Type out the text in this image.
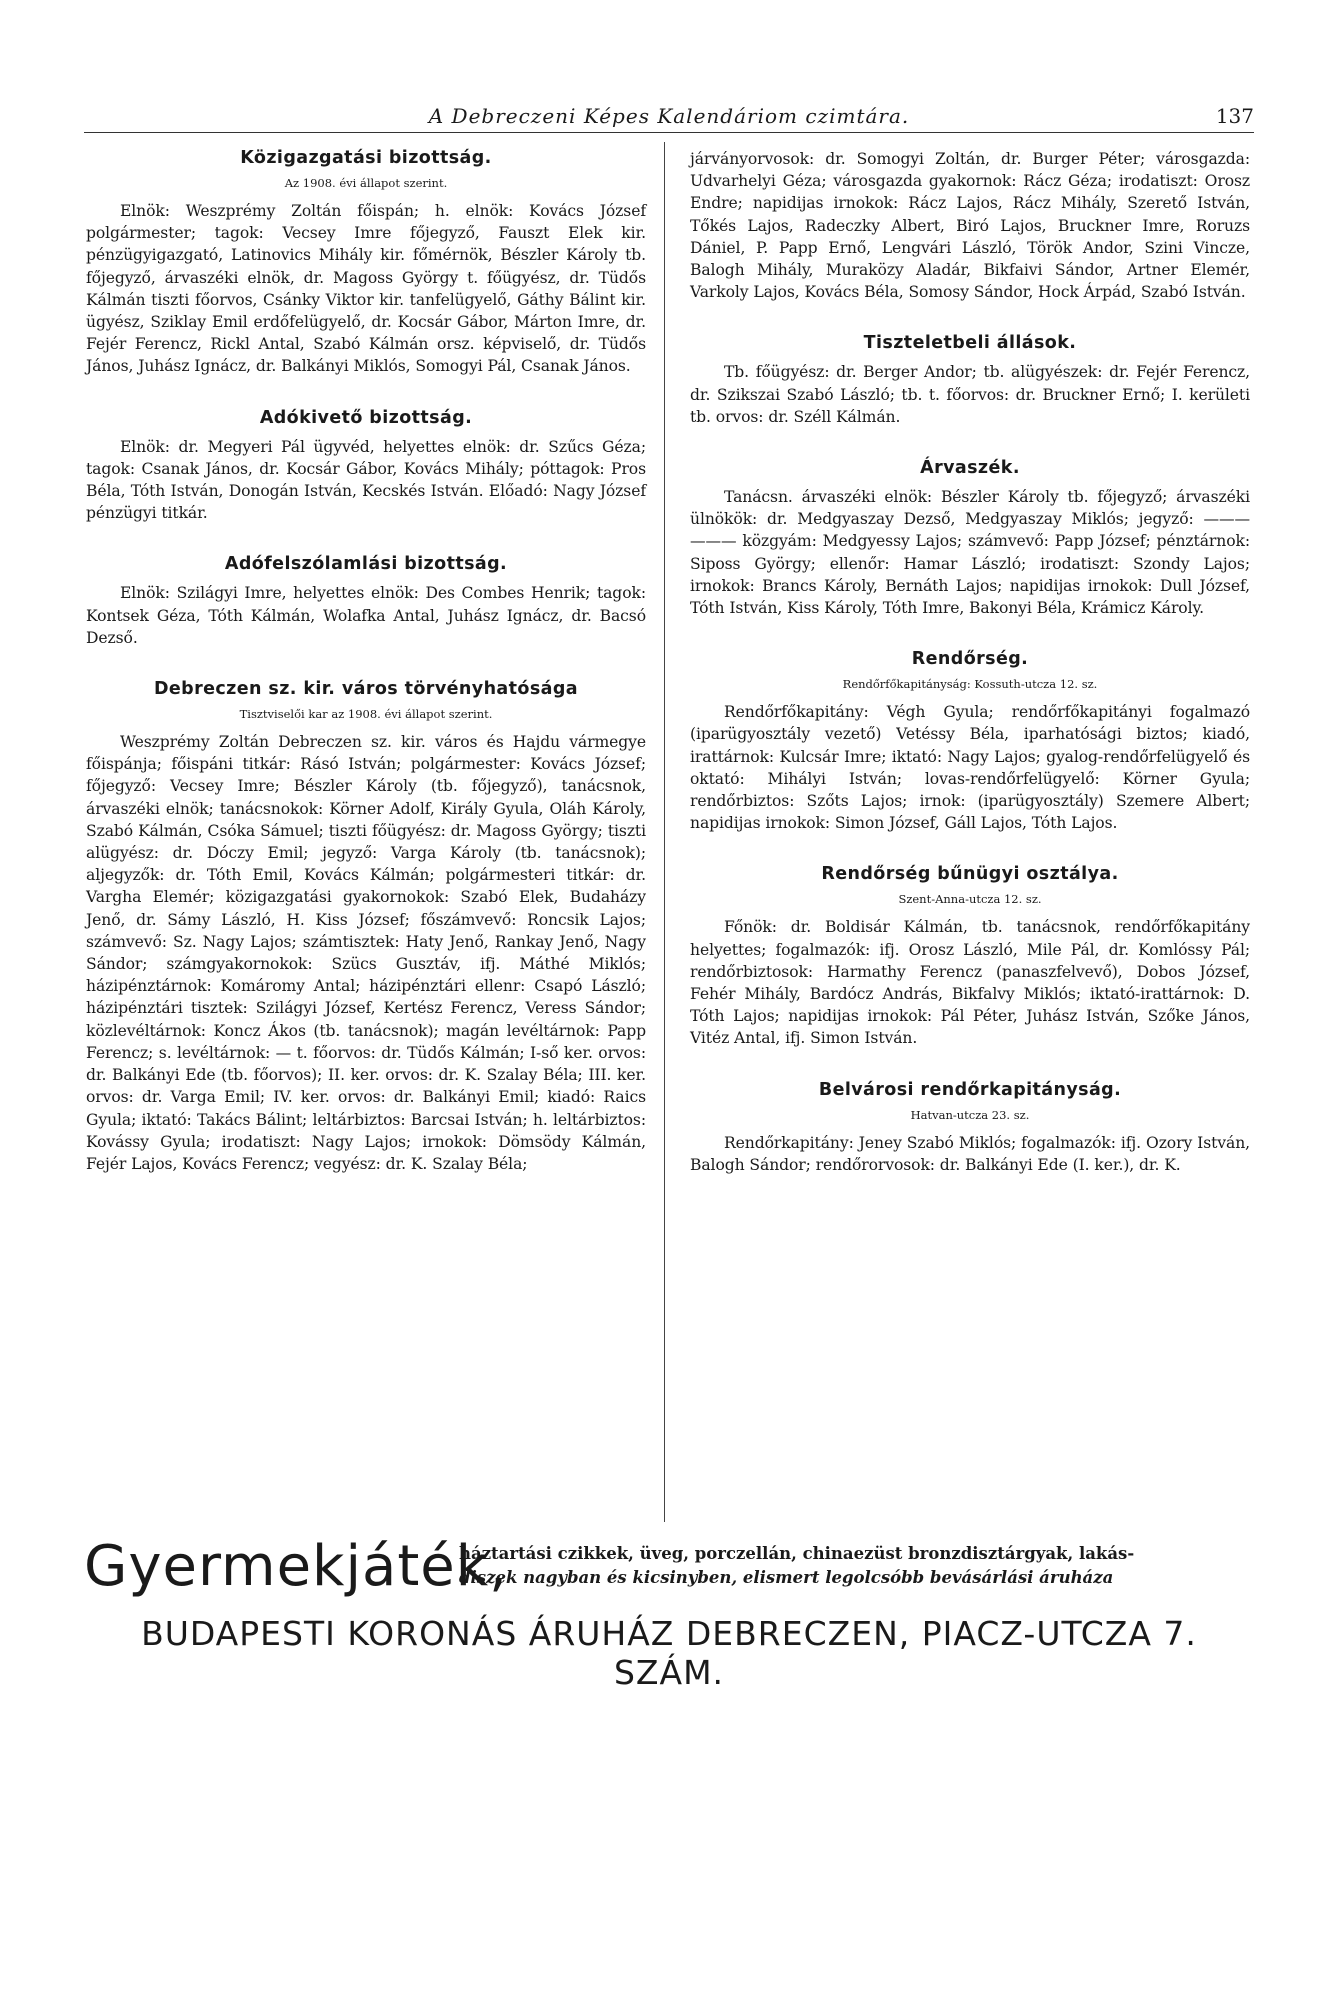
A Debreczeni Képes Kalendáriom czimtára.	137

Közigazgatási bizottság.

Az 1908. évi állapot szerint.

Elnök: Weszprémy Zoltán főispán; h. elnök: Kovács József polgármester; tagok: Vecsey Imre főjegyző, Fauszt Elek kir. pénzügyigazgató, Latinovics Mihály kir. főmérnök, Bészler Károly tb. főjegyző, árvaszéki elnök, dr. Magoss György t. főügyész, dr. Tüdős Kálmán tiszti főorvos, Csánky Viktor kir. tanfelügyelő, Gáthy Bálint kir. ügyész, Sziklay Emil erdőfelügyelő, dr. Kocsár Gábor, Márton Imre, dr. Fejér Ferencz, Rickl Antal, Szabó Kálmán orsz. képviselő, dr. Tüdős János, Juhász Ignácz, dr. Balkányi Miklós, Somogyi Pál, Csanak János.

Adókivető bizottság.

Elnök: dr. Megyeri Pál ügyvéd, helyettes elnök: dr. Szűcs Géza; tagok: Csanak János, dr. Kocsár Gábor, Kovács Mihály; póttagok: Pros Béla, Tóth István, Donogán István, Kecskés István. Előadó: Nagy József pénzügyi titkár.

Adófelszólamlási bizottság.

Elnök: Szilágyi Imre, helyettes elnök: Des Combes Henrik; tagok: Kontsek Géza, Tóth Kálmán, Wolafka Antal, Juhász Ignácz, dr. Bacsó Dezső.

Debreczen sz. kir. város törvényhatósága

Tisztviselői kar az 1908. évi állapot szerint.

Weszprémy Zoltán Debreczen sz. kir. város és Hajdu vármegye főispánja; főispáni titkár: Rásó István; polgármester: Kovács József; főjegyző: Vecsey Imre; Bészler Károly (tb. főjegyző), tanácsnok, árvaszéki elnök; tanácsnokok: Körner Adolf, Király Gyula, Oláh Károly, Szabó Kálmán, Csóka Sámuel; tiszti főügyész: dr. Magoss György; tiszti alügyész: dr. Dóczy Emil; jegyző: Varga Károly (tb. tanácsnok); aljegyzők: dr. Tóth Emil, Kovács Kálmán; polgármesteri titkár: dr. Vargha Elemér; közigazgatási gyakornokok: Szabó Elek, Budaházy Jenő, dr. Sámy László, H. Kiss József; főszámvevő: Roncsik Lajos; számvevő: Sz. Nagy Lajos; számtisztek: Haty Jenő, Rankay Jenő, Nagy Sándor; számgyakornokok: Szücs Gusztáv, ifj. Máthé Miklós; házipénztárnok: Komáromy Antal; házipénztári ellenr: Csapó László; házipénztári tisztek: Szilágyi József, Kertész Ferencz, Veress Sándor; közlevéltárnok: Koncz Ákos (tb. tanácsnok); magán levéltárnok: Papp Ferencz; s. levéltárnok: — t. főorvos: dr. Tüdős Kálmán; I-ső ker. orvos: dr. Balkányi Ede (tb. főorvos); II. ker. orvos: dr. K. Szalay Béla; III. ker. orvos: dr. Varga Emil; IV. ker. orvos: dr. Balkányi Emil; kiadó: Raics Gyula; iktató: Takács Bálint; leltárbiztos: Barcsai István; h. leltárbiztos: Kovássy Gyula; irodatiszt: Nagy Lajos; irnokok: Dömsödy Kálmán, Fejér Lajos, Kovács Ferencz; vegyész: dr. K. Szalay Béla;

járványorvosok: dr. Somogyi Zoltán, dr. Burger Péter; városgazda: Udvarhelyi Géza; városgazda gyakornok: Rácz Géza; irodatiszt: Orosz Endre; napidijas irnokok: Rácz Lajos, Rácz Mihály, Szerető István, Tőkés Lajos, Radeczky Albert, Biró Lajos, Bruckner Imre, Roruzs Dániel, P. Papp Ernő, Lengvári László, Török Andor, Szini Vincze, Balogh Mihály, Muraközy Aladár, Bikfaivi Sándor, Artner Elemér, Varkoly Lajos, Kovács Béla, Somosy Sándor, Hock Árpád, Szabó István.

Tiszteletbeli állások.

Tb. főügyész: dr. Berger Andor; tb. alügyészek: dr. Fejér Ferencz, dr. Szikszai Szabó László; tb. t. főorvos: dr. Bruckner Ernő; I. kerületi tb. orvos: dr. Széll Kálmán.

Árvaszék.

Tanácsn. árvaszéki elnök: Bészler Károly tb. főjegyző; árvaszéki ülnökök: dr. Medgyaszay Dezső, Medgyaszay Miklós; jegyző: ——— ——— közgyám: Medgyessy Lajos; számvevő: Papp József; pénztárnok: Siposs György; ellenőr: Hamar László; irodatiszt: Szondy Lajos; irnokok: Brancs Károly, Bernáth Lajos; napidijas irnokok: Dull József, Tóth István, Kiss Károly, Tóth Imre, Bakonyi Béla, Krámicz Károly.

Rendőrség.

Rendőrfőkapitányság: Kossuth-utcza 12. sz.

Rendőrfőkapitány: Végh Gyula; rendőrfőkapitányi fogalmazó (iparügyosztály vezető) Vetéssy Béla, iparhatósági biztos; kiadó, irattárnok: Kulcsár Imre; iktató: Nagy Lajos; gyalog-rendőrfelügyelő és oktató: Mihályi István; lovas-rendőrfelügyelő: Körner Gyula; rendőrbiztos: Szőts Lajos; irnok: (iparügyosztály) Szemere Albert; napidijas irnokok: Simon József, Gáll Lajos, Tóth Lajos.

Rendőrség bűnügyi osztálya.

Szent-Anna-utcza 12. sz.

Főnök: dr. Boldisár Kálmán, tb. tanácsnok, rendőrfőkapitány helyettes; fogalmazók: ifj. Orosz László, Mile Pál, dr. Komlóssy Pál; rendőrbiztosok: Harmathy Ferencz (panaszfelvevő), Dobos József, Fehér Mihály, Bardócz András, Bikfalvy Miklós; iktató-irattárnok: D. Tóth Lajos; napidijas irnokok: Pál Péter, Juhász István, Szőke János, Vitéz Antal, ifj. Simon István.

Belvárosi rendőrkapitányság.

Hatvan-utcza 23. sz.

Rendőrkapitány: Jeney Szabó Miklós; fogalmazók: ifj. Ozory István, Balogh Sándor; rendőrorvosok: dr. Balkányi Ede (I. ker.), dr. K.

Gyermekjáték,
háztartási czikkek, üveg, porczellán, chinaezüst bronzdisztárgyak, lakás-
diszek nagyban és kicsinyben, elismert legolcsóbb bevásárlási áruháza
BUDAPESTI KORONÁS ÁRUHÁZ DEBRECZEN, PIACZ-UTCZA 7. SZÁM.
